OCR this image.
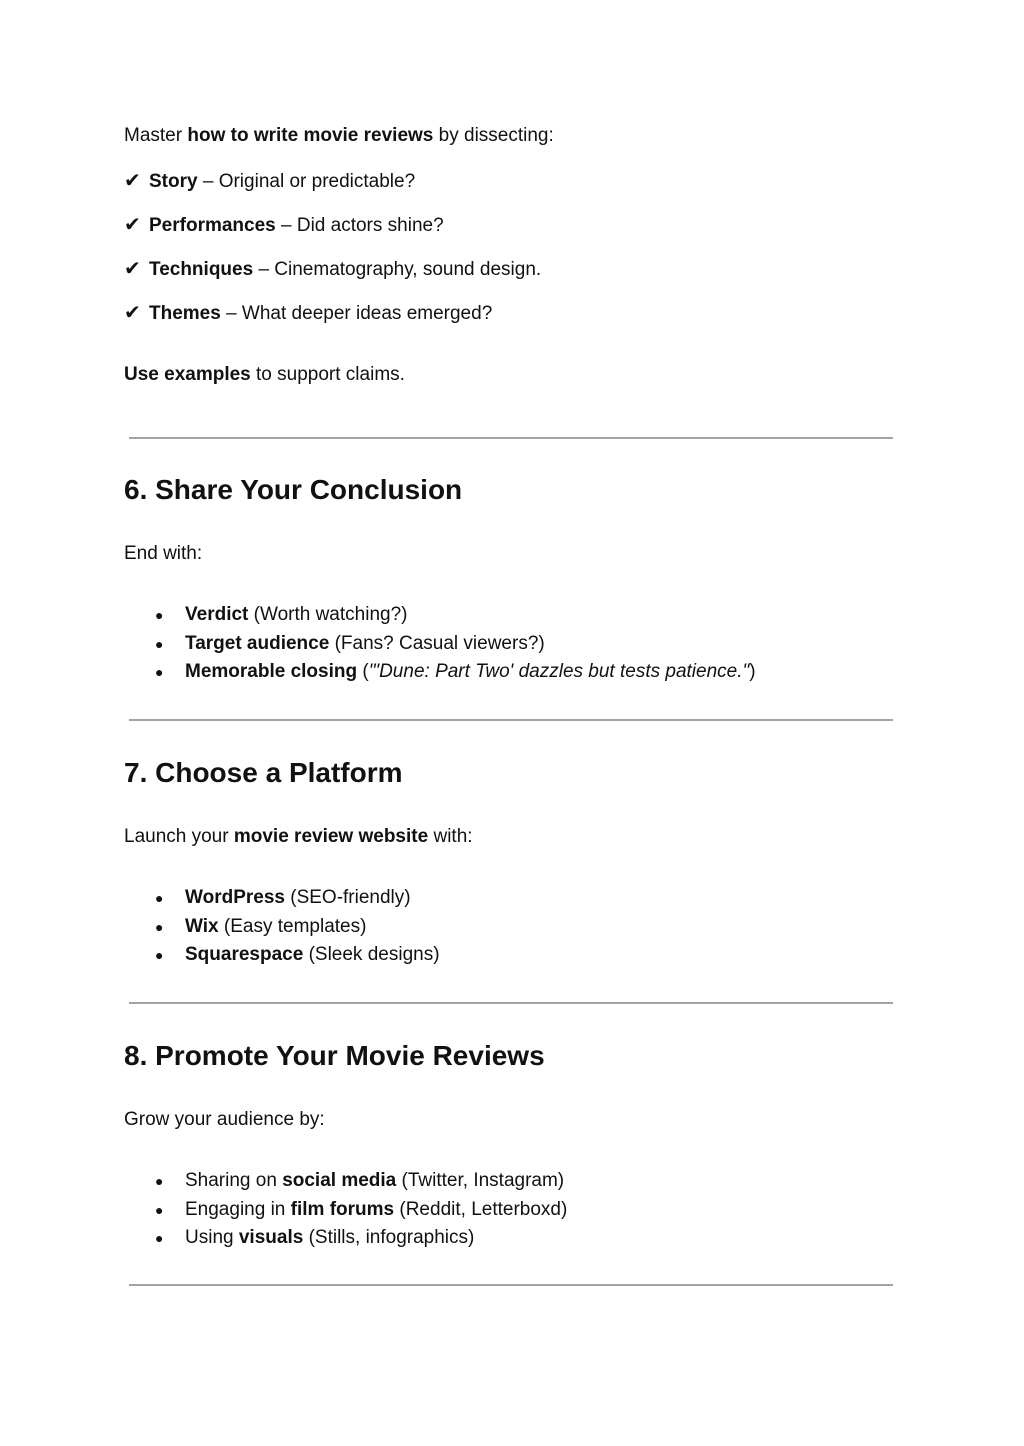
Master how to write movie reviews by dissecting:
✔ Story – Original or predictable?
✔ Performances – Did actors shine?
✔ Techniques – Cinematography, sound design.
✔ Themes – What deeper ideas emerged?
Use examples to support claims.
6. Share Your Conclusion
End with:
● Verdict (Worth watching?)
● Target audience (Fans? Casual viewers?)
● Memorable closing ("'Dune: Part Two' dazzles but tests patience.")
7. Choose a Platform
Launch your movie review website with:
● WordPress (SEO-friendly)
● Wix (Easy templates)
● Squarespace (Sleek designs)
8. Promote Your Movie Reviews
Grow your audience by:
● Sharing on social media (Twitter, Instagram)
● Engaging in film forums (Reddit, Letterboxd)
● Using visuals (Stills, infographics)
